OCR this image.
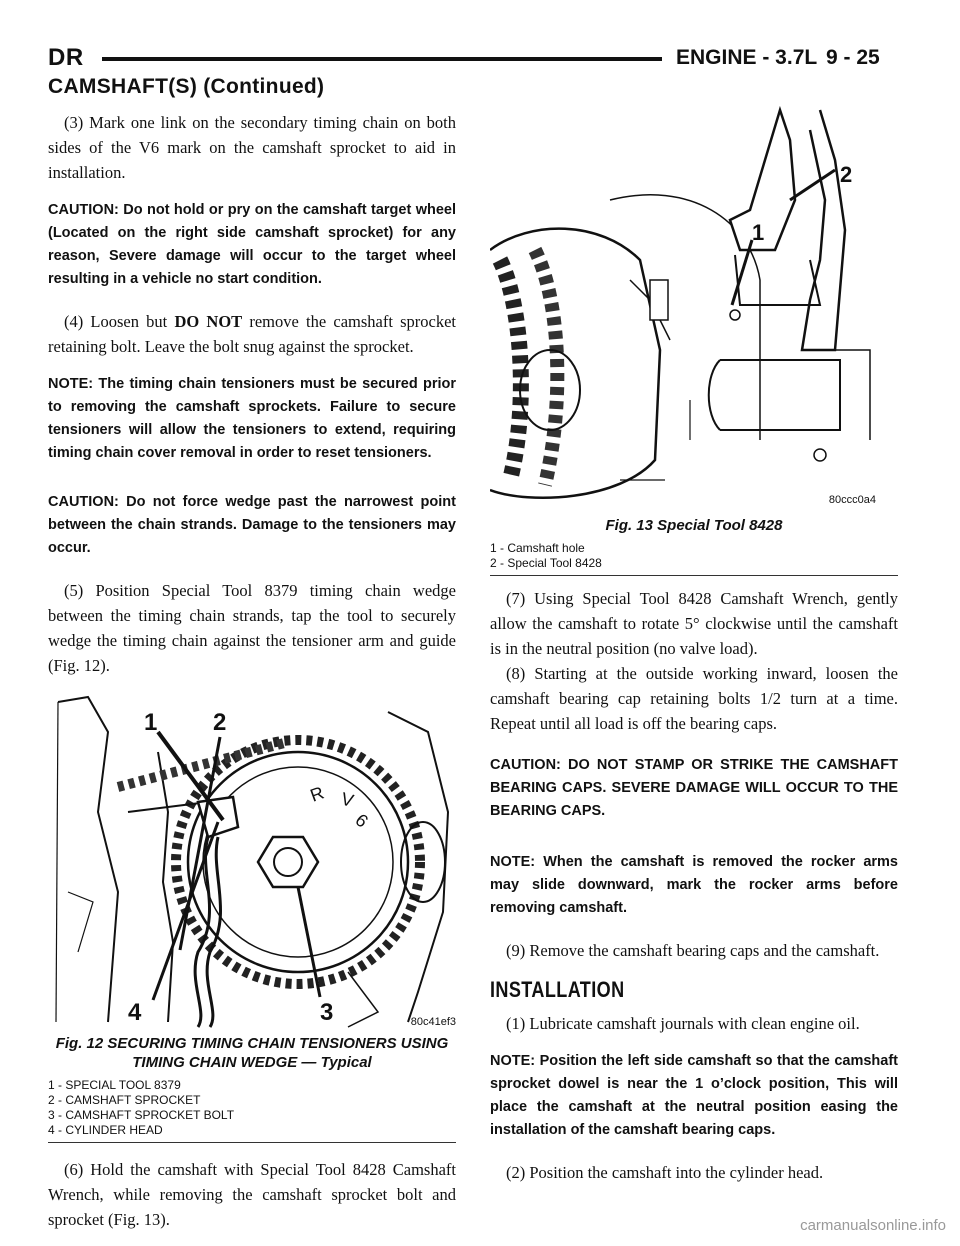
DR	ENGINE - 3.7L 9 - 25
CAMSHAFT(S) (Continued)

(3) Mark one link on the secondary timing chain on both sides of the V6 mark on the camshaft sprocket to aid in installation.

CAUTION: Do not hold or pry on the camshaft target wheel (Located on the right side camshaft sprocket) for any reason, Severe damage will occur to the target wheel resulting in a vehicle no start condition.

(4) Loosen but DO NOT remove the camshaft sprocket retaining bolt. Leave the bolt snug against the sprocket.

NOTE: The timing chain tensioners must be secured prior to removing the camshaft sprockets. Failure to secure tensioners will allow the tensioners to extend, requiring timing chain cover removal in order to reset tensioners.

CAUTION: Do not force wedge past the narrowest point between the chain strands. Damage to the tensioners may occur.

(5) Position Special Tool 8379 timing chain wedge between the timing chain strands, tap the tool to securely wedge the timing chain against the tensioner arm and guide (Fig. 12).

R V
6
1 2
3
4	80c41ef3
Fig. 12 SECURING TIMING CHAIN TENSIONERS USING TIMING CHAIN WEDGE — Typical
1 - SPECIAL TOOL 8379
2 - CAMSHAFT SPROCKET
3 - CAMSHAFT SPROCKET BOLT
4 - CYLINDER HEAD

(6) Hold the camshaft with Special Tool 8428 Camshaft Wrench, while removing the camshaft sprocket bolt and sprocket (Fig. 13).

2
1
80ccc0a4
Fig. 13 Special Tool 8428
1 - Camshaft hole
2 - Special Tool 8428

(7) Using Special Tool 8428 Camshaft Wrench, gently allow the camshaft to rotate 5° clockwise until the camshaft is in the neutral position (no valve load).

(8) Starting at the outside working inward, loosen the camshaft bearing cap retaining bolts 1/2 turn at a time. Repeat until all load is off the bearing caps.

CAUTION: DO NOT STAMP OR STRIKE THE CAMSHAFT BEARING CAPS. SEVERE DAMAGE WILL OCCUR TO THE BEARING CAPS.

NOTE: When the camshaft is removed the rocker arms may slide downward, mark the rocker arms before removing camshaft.

(9) Remove the camshaft bearing caps and the camshaft.

INSTALLATION

(1) Lubricate camshaft journals with clean engine oil.

NOTE: Position the left side camshaft so that the camshaft sprocket dowel is near the 1 o’clock position, This will place the camshaft at the neutral position easing the installation of the camshaft bearing caps.

(2) Position the camshaft into the cylinder head.

carmanualsonline.info
